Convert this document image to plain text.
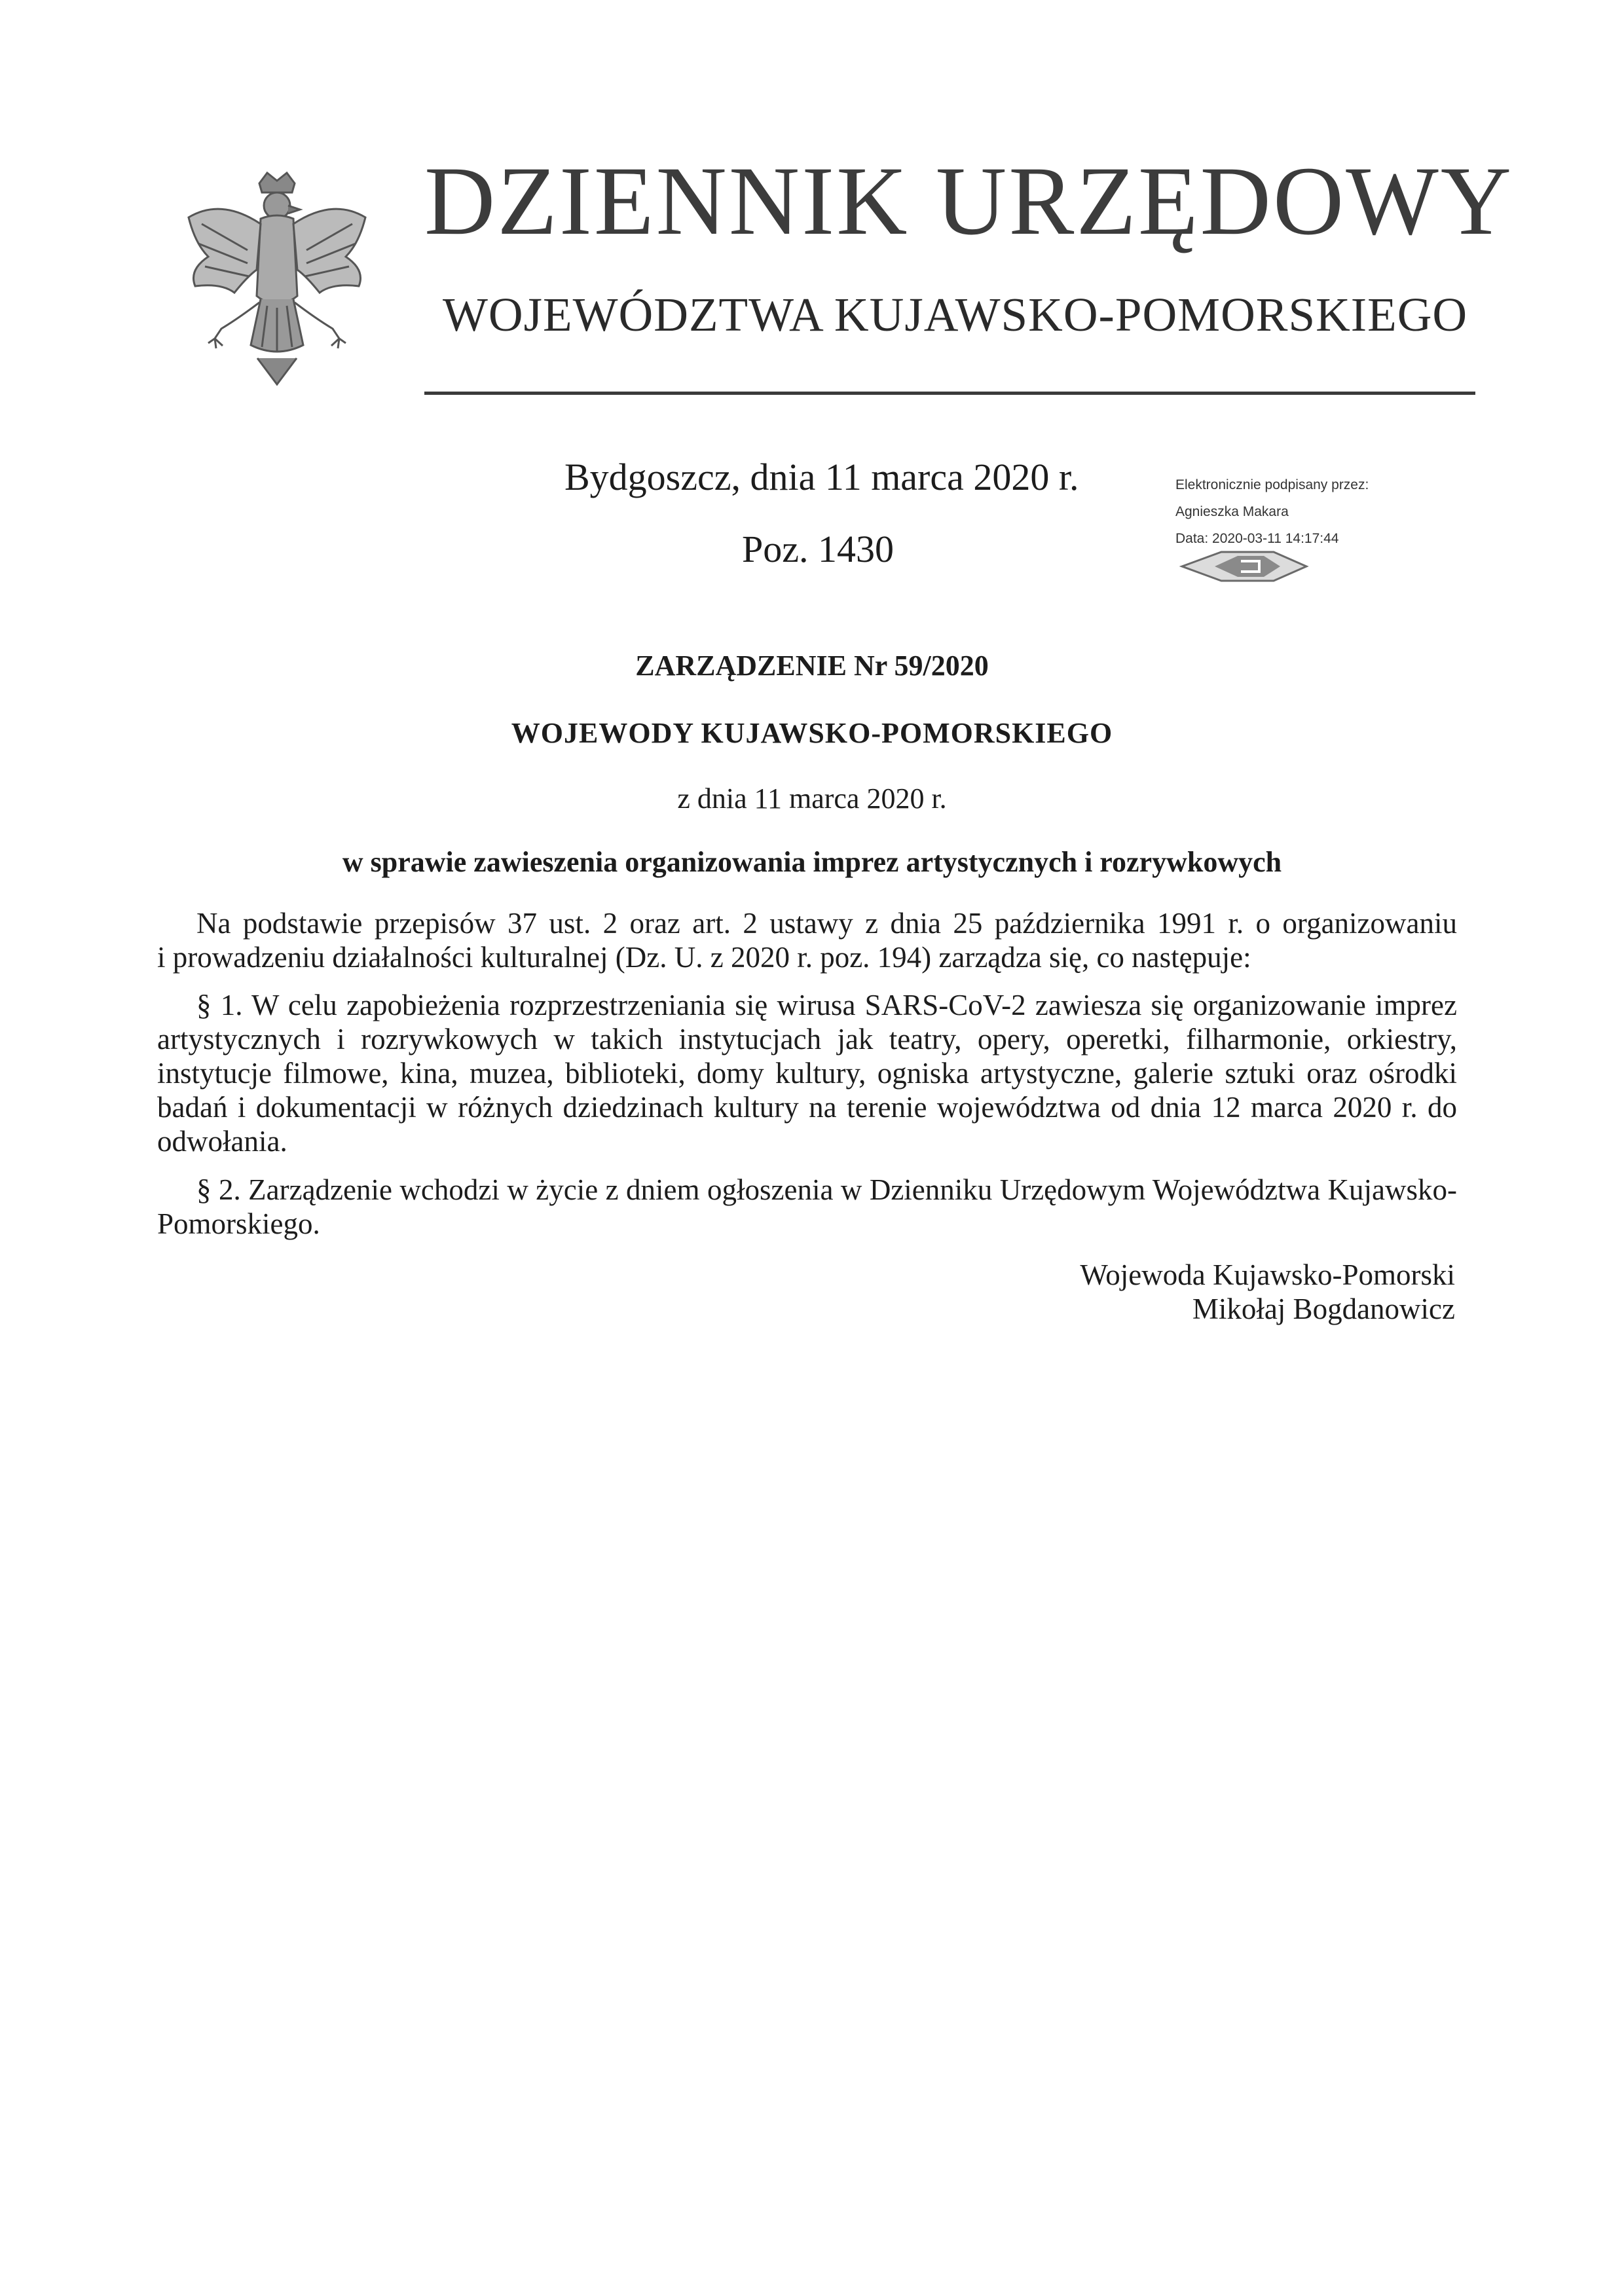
DZIENNIK URZĘDOWY
WOJEWÓDZTWA KUJAWSKO-POMORSKIEGO
Bydgoszcz, dnia 11 marca 2020 r.
Poz. 1430
Elektronicznie podpisany przez:
Agnieszka Makara
Data: 2020-03-11 14:17:44
ZARZĄDZENIE Nr 59/2020
WOJEWODY KUJAWSKO-POMORSKIEGO
z dnia 11 marca 2020 r.
w sprawie zawieszenia organizowania imprez artystycznych i rozrywkowych
Na podstawie przepisów 37 ust. 2 oraz art. 2 ustawy z dnia 25 października 1991 r. o organizowaniu
i prowadzeniu działalności kulturalnej (Dz. U. z 2020 r. poz. 194) zarządza się, co następuje:
§ 1. W celu zapobieżenia rozprzestrzeniania się wirusa SARS-CoV-2 zawiesza się organizowanie imprez
artystycznych i rozrywkowych w takich instytucjach jak teatry, opery, operetki, filharmonie, orkiestry,
instytucje filmowe, kina, muzea, biblioteki, domy kultury, ogniska artystyczne, galerie sztuki oraz ośrodki
badań i dokumentacji w różnych dziedzinach kultury na terenie województwa od dnia 12 marca 2020 r. do
odwołania.
§ 2. Zarządzenie wchodzi w życie z dniem ogłoszenia w Dzienniku Urzędowym Województwa Kujawsko-
Pomorskiego.
Wojewoda Kujawsko-Pomorski
Mikołaj Bogdanowicz
